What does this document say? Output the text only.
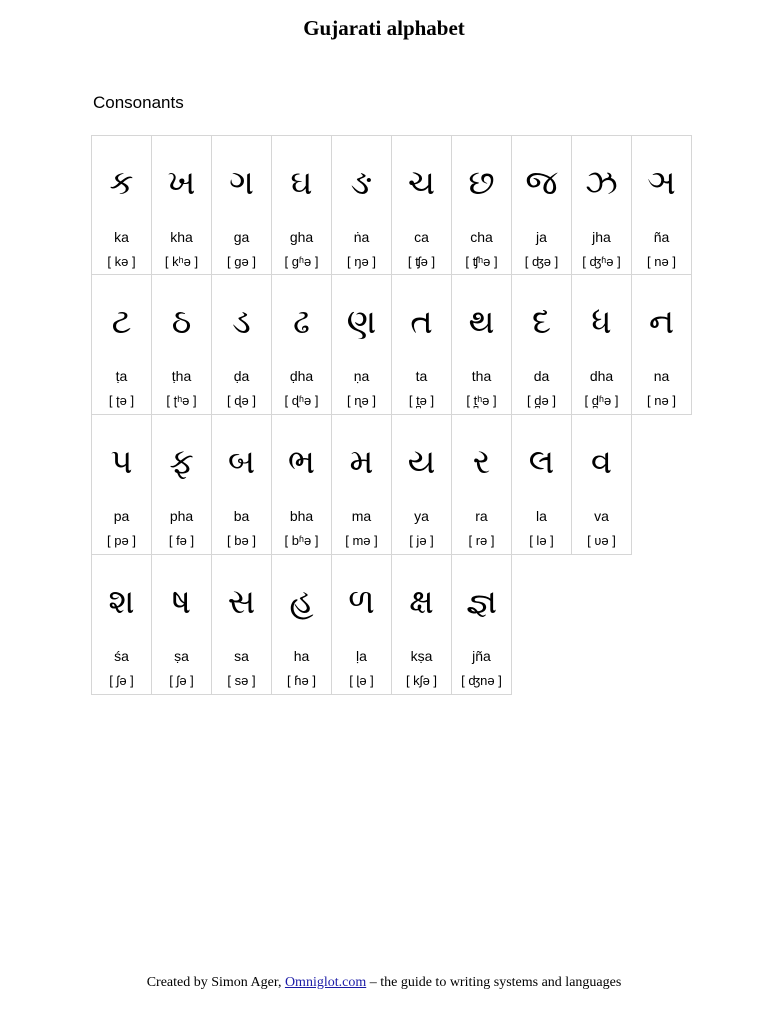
Gujarati alphabet
Consonants
ક
ka
[ kə ]
ખ
kha
[ kʰə ]
ગ
ga
[ gə ]
ઘ
gha
[ gʱə ]
ઙ
ṅa
[ ŋə ]
ચ
ca
[ ʧə ]
છ
cha
[ ʧʰə ]
જ
ja
[ ʤə ]
ઝ
jha
[ ʤʱə ]
ઞ
ña
[ nə ]
ટ
ṭa
[ ʈə ]
ઠ
ṭha
[ ʈʰə ]
ડ
ḍa
[ ɖə ]
ઢ
ḍha
[ ɖʱə ]
ણ
ṇa
[ ɳə ]
ત
ta
[ t̪ə ]
થ
tha
[ t̪ʰə ]
દ
da
[ d̪ə ]
ધ
dha
[ d̪ʱə ]
ન
na
[ nə ]
પ
pa
[ pə ]
ફ
pha
[ fə ]
બ
ba
[ bə ]
ભ
bha
[ bʱə ]
મ
ma
[ mə ]
ય
ya
[ jə ]
ર
ra
[ rə ]
લ
la
[ lə ]
વ
va
[ ʋə ]
શ
śa
[ ʃə ]
ષ
ṣa
[ ʃə ]
સ
sa
[ sə ]
હ
ha
[ ɦə ]
ળ
ḷa
[ ɭə ]
ક્ષ
kṣa
[ kʃə ]
જ્ઞ
jña
[ ʤnə ]
Created by Simon Ager, Omniglot.com – the guide to writing systems and languages
